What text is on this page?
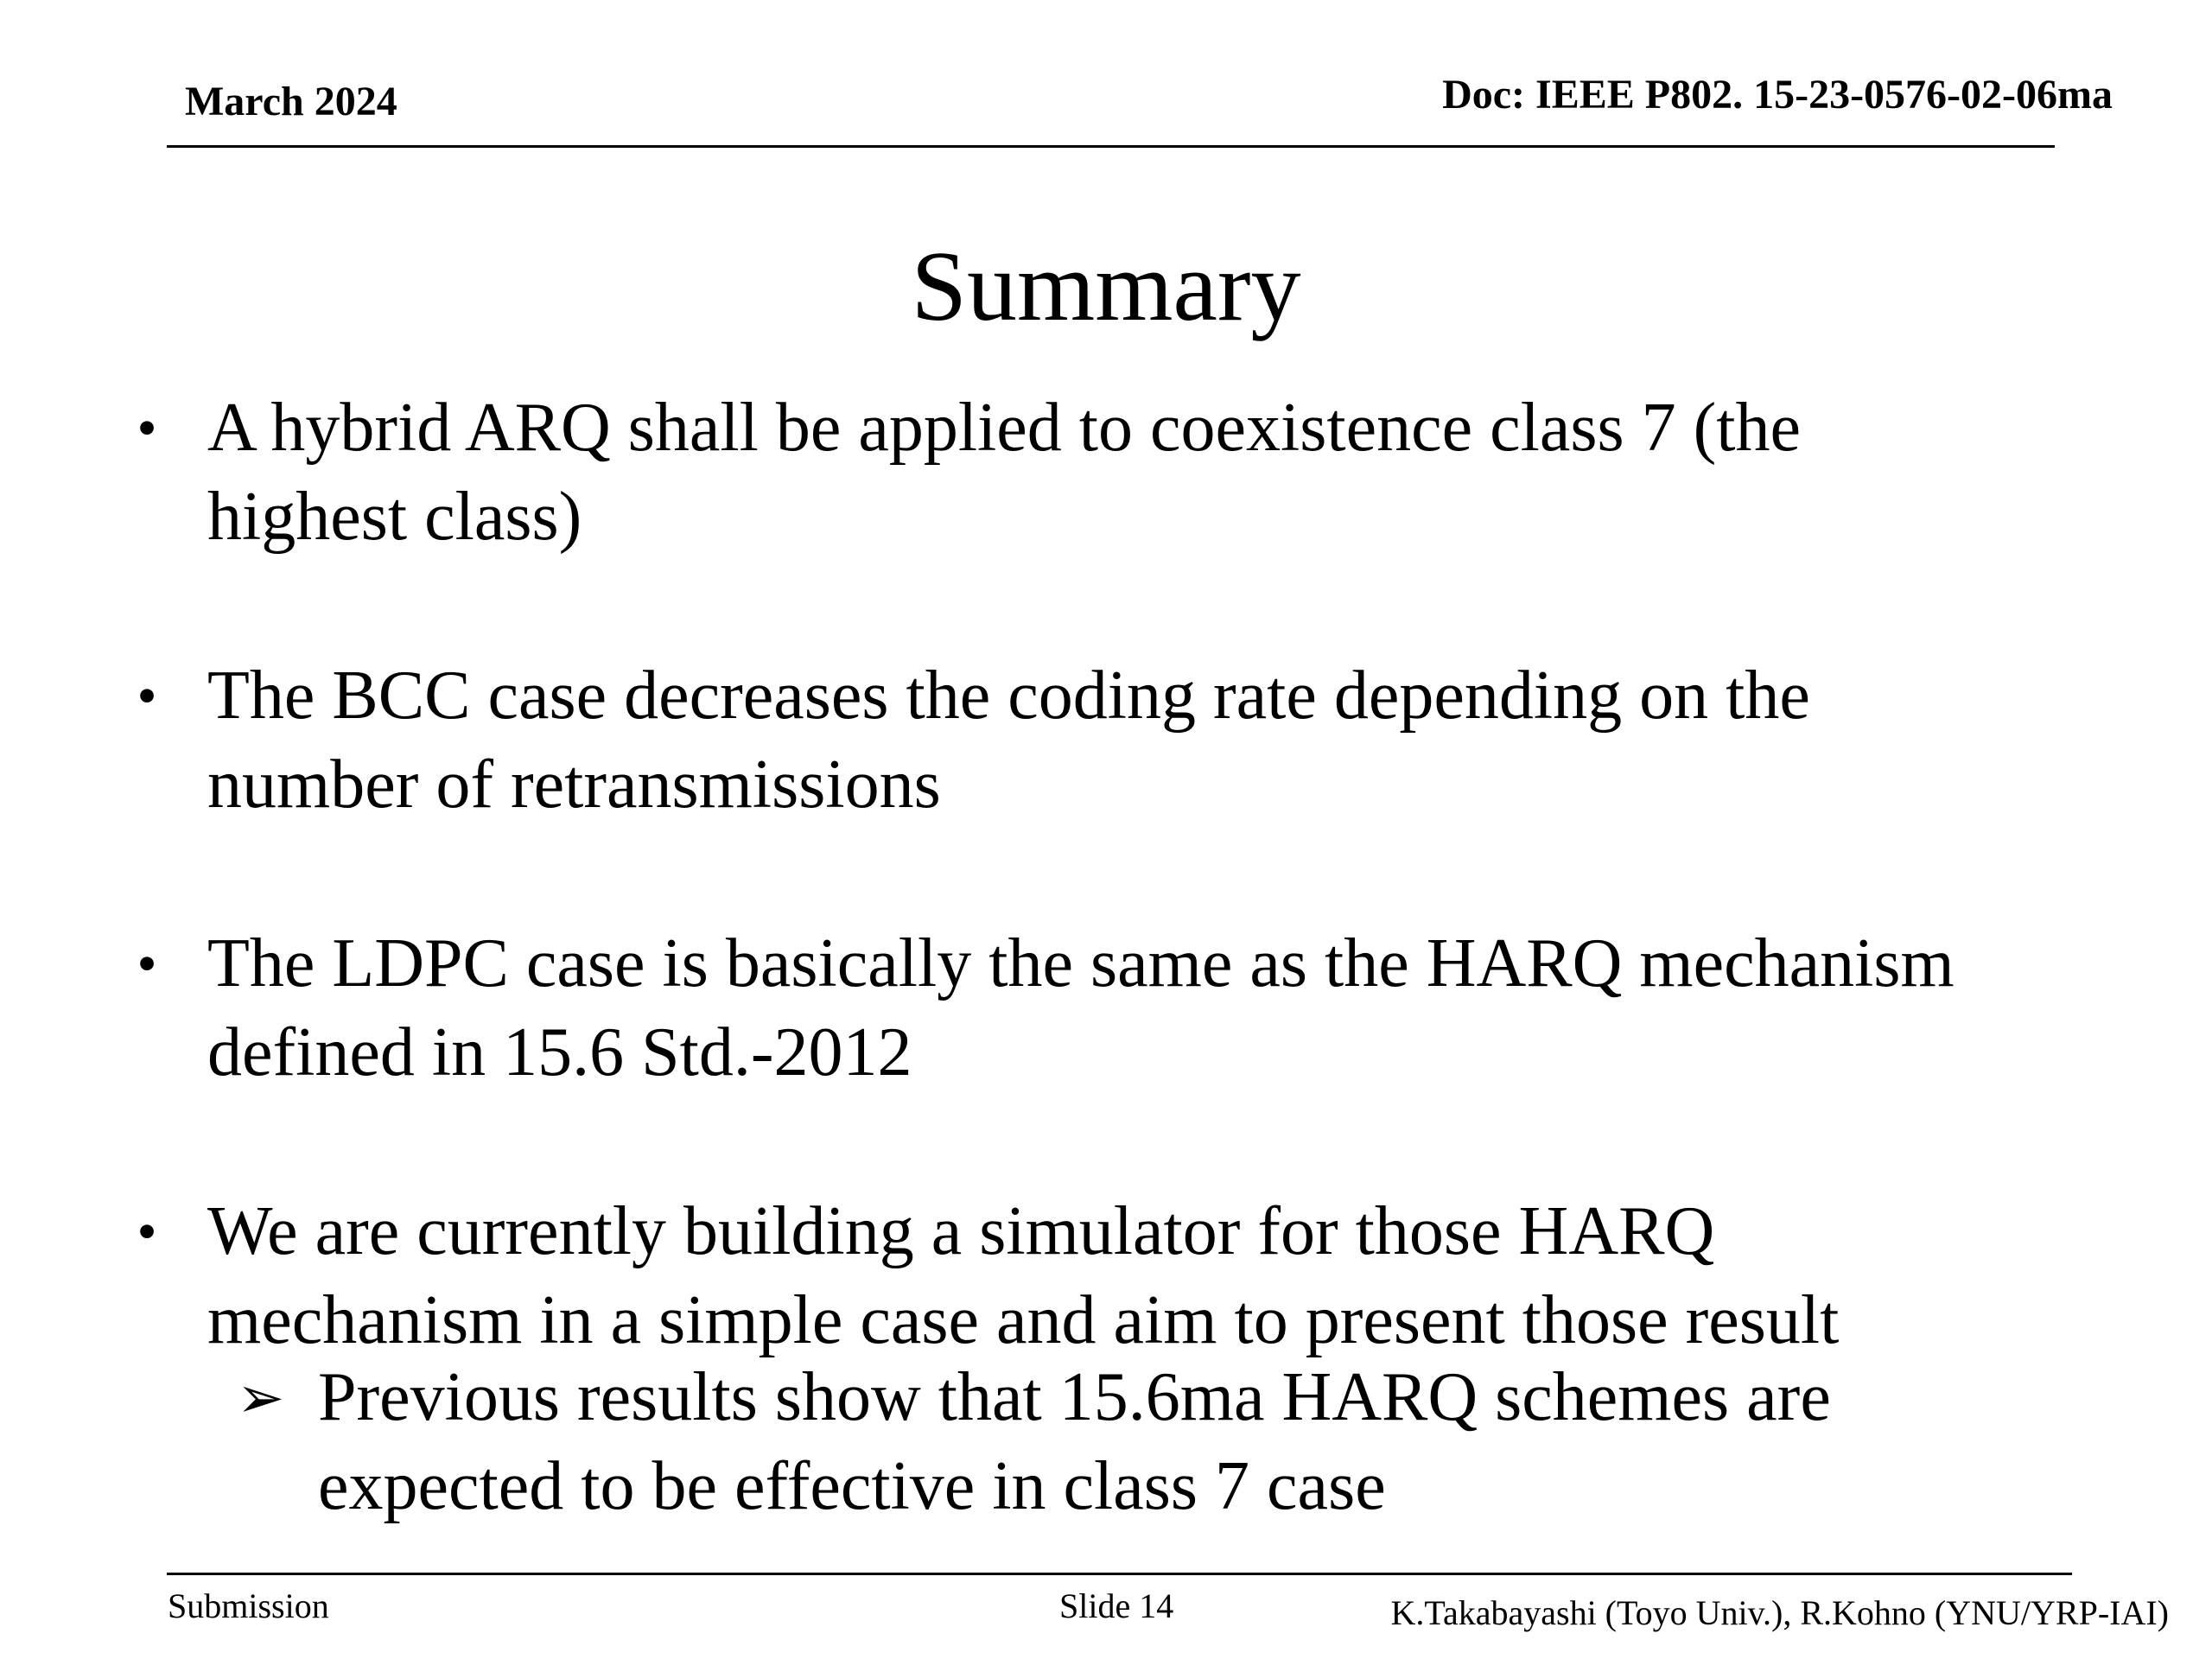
March 2024	Doc: IEEE P802. 15-23-0576-02-06ma
Summary
• A hybrid ARQ shall be applied to coexistence class 7 (the
highest class)
• The BCC case decreases the coding rate depending on the
number of retransmissions
• The LDPC case is basically the same as the HARQ mechanism
defined in 15.6 Std.-2012
• We are currently building a simulator for those HARQ
mechanism in a simple case and aim to present those result
➢ Previous results show that 15.6ma HARQ schemes are
expected to be effective in class 7 case
Submission	Slide 14	K.Takabayashi (Toyo Univ.), R.Kohno (YNU/YRP-IAI)
